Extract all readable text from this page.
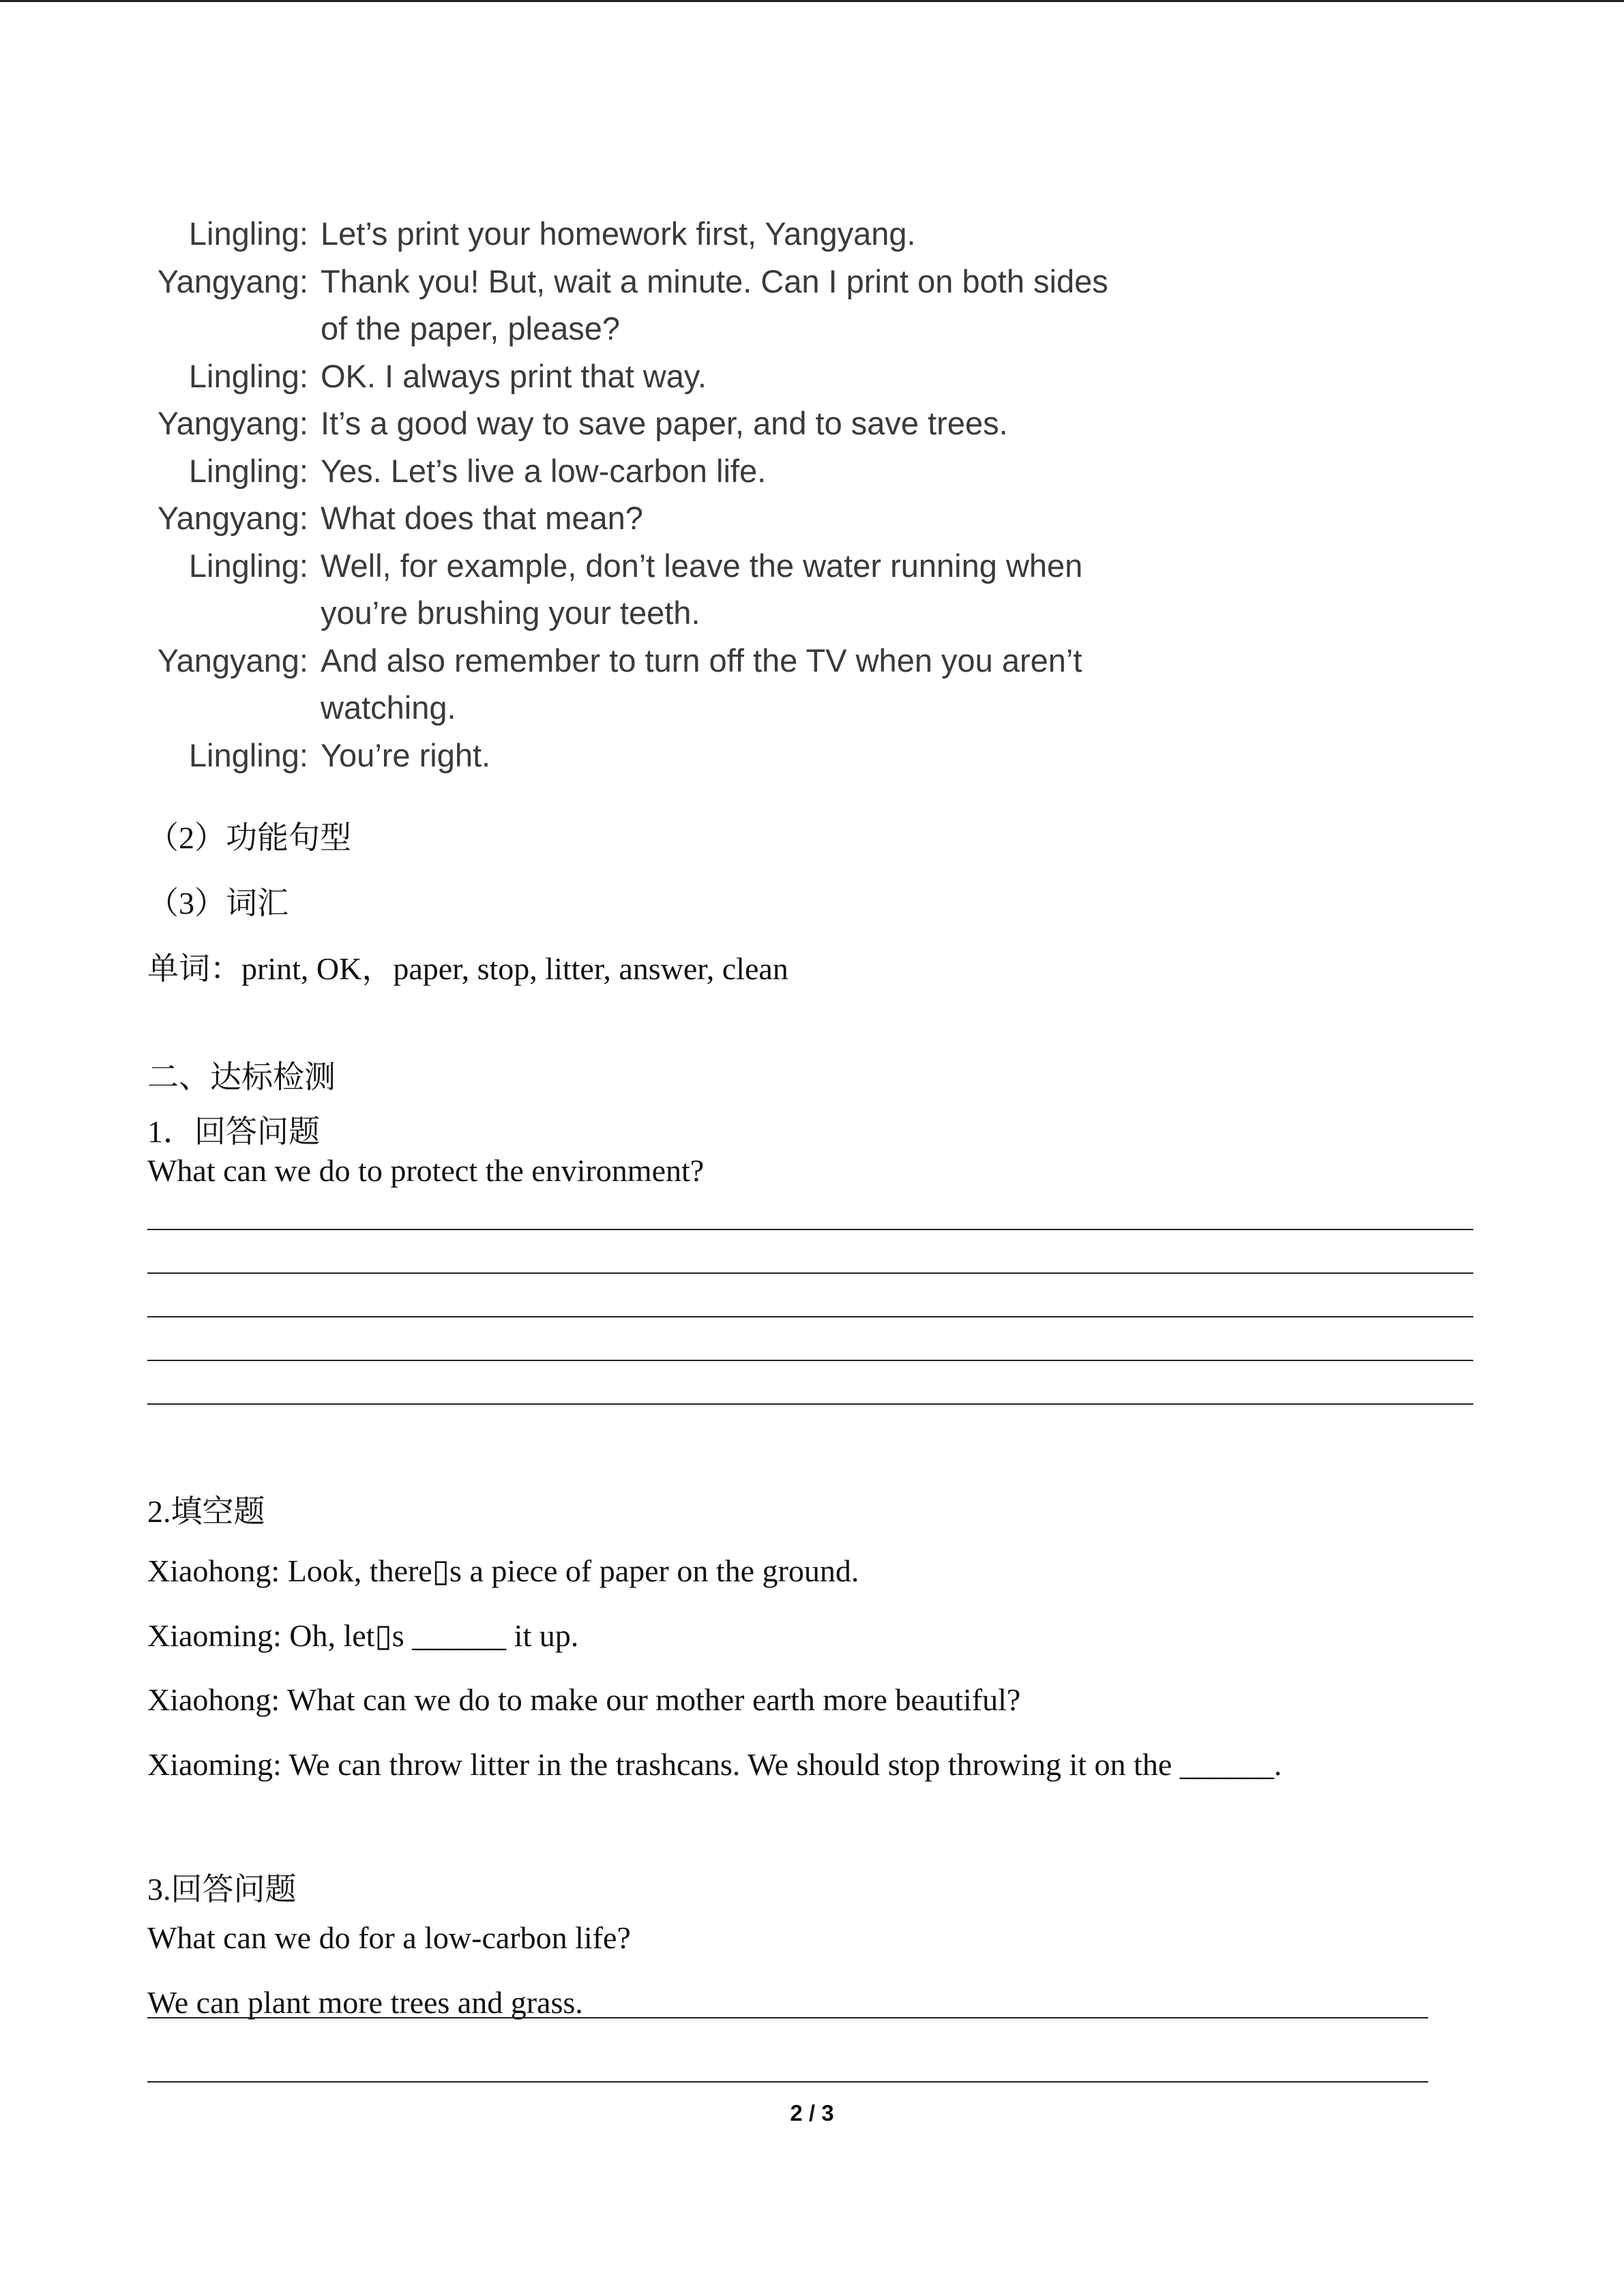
Lingling: Let’s print your homework first, Yangyang.
Yangyang: Thank you! But, wait a minute. Can I print on both sides
of the paper, please?
Lingling: OK. I always print that way.
Yangyang: It’s a good way to save paper, and to save trees.
Lingling: Yes. Let’s live a low-carbon life.
Yangyang: What does that mean?
Lingling: Well, for example, don’t leave the water running when
you’re brushing your teeth.
Yangyang: And also remember to turn off the TV when you aren’t
watching.
Lingling: You’re right.
（2）功能句型
（3）词汇
单词：print, OK，paper, stop, litter, answer, clean
二、达标检测
1．回答问题
What can we do to protect the environment?
2.填空题
Xiaohong: Look, there▯s a piece of paper on the ground.
Xiaoming: Oh, let▯s ______ it up.
Xiaohong: What can we do to make our mother earth more beautiful?
Xiaoming: We can throw litter in the trashcans. We should stop throwing it on the ______.
3.回答问题
What can we do for a low-carbon life?
We can plant more trees and grass.
2 / 3
